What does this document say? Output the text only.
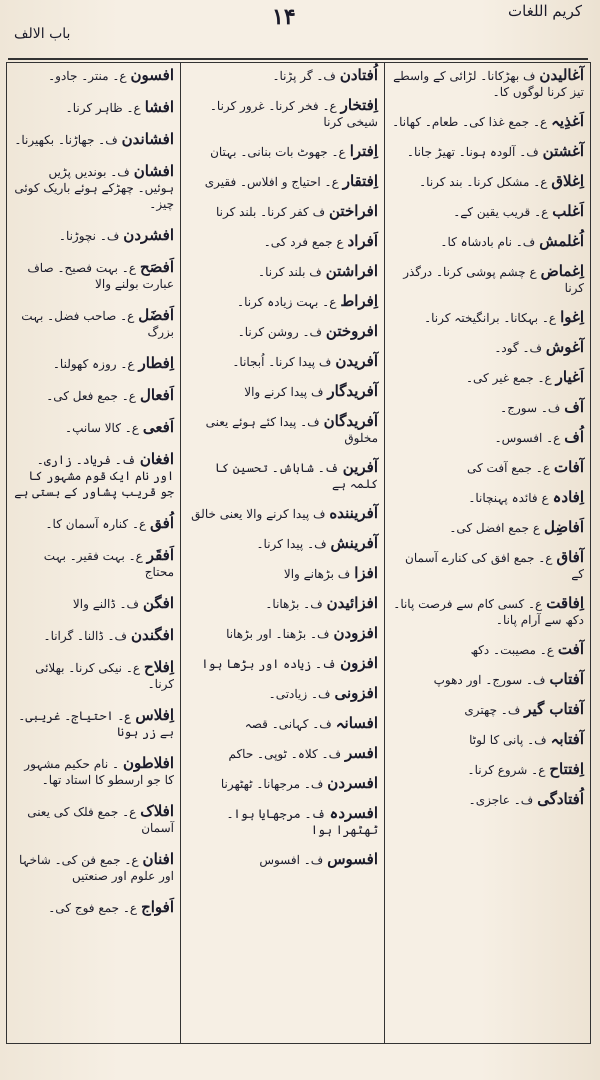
کریم اللغات
۱۴
باب الالف
آغالیدن ف بھڑکانا۔ لڑائی کے واسطے تیز کرنا لوگوں کا۔
اَغذِیہ ع۔ جمع غذا کی۔ طعام۔ کھانا۔
آغشتن ف۔ آلودہ ہونا۔ تھیڑ جانا۔
اِغلاق ع۔ مشکل کرنا۔ بند کرنا۔
اَغلب ع۔ قریب یقین کے۔
اُغلمش ف۔ نام بادشاہ کا۔
اِغماض ع چشم پوشی کرنا۔ درگذر کرنا
اِغوا ع۔ بہکانا۔ برانگیختہ کرنا۔
آغوش ف۔ گود۔
اَغیار ع۔ جمع غیر کی۔
آف ف۔ سورج۔
اُف ع۔ افسوس۔
آفات ع۔ جمع آفت کی
اِفادہ ع فائدہ پہنچانا۔
اَفاضِل ع جمع افضل کی۔
آفاق ع۔ جمع افق کی کنارے آسمان کے
اِفاقت ع۔ کسی کام سے فرصت پانا۔ دکھ سے آرام پانا۔
آفت ع۔ مصیبت۔ دکھ
آفتاب ف۔ سورج۔ اور دھوپ
آفتاب گیر ف۔ چھتری
آفتابہ ف۔ پانی کا لوٹا
اِفتتاح ع۔ شروع کرنا۔
اُفتادگی ف۔ عاجزی۔
اُفتادن ف۔ گر پڑنا۔
اِفتخار ع۔ فخر کرنا۔ غرور کرنا۔ شیخی کرنا
اِفترا ع۔ جھوٹ بات بنانی۔ بہتان
اِفتقار ع۔ احتیاج و افلاس۔ فقیری
افراختن ف کفر کرنا۔ بلند کرنا
اَفراد ع جمع فرد کی۔
افراشتن ف بلند کرنا۔
اِفراط ع۔ بہت زیادہ کرنا۔
افروختن ف۔ روشن کرنا۔
آفریدن ف پیدا کرنا۔ اُبجانا۔
آفریدگار ف پیدا کرنے والا
آفریدگان ف۔ پیدا کئے ہوئے یعنی مخلوق
آفرین ف۔ شاباش۔ تحسین کا کلمہ ہے
آفریننده ف پیدا کرنے والا یعنی خالق
آفرینش ف۔ پیدا کرنا۔
افزا ف بڑھانے والا
افزائیدن ف۔ بڑھانا۔
افزودن ف۔ بڑھنا۔ اور بڑھانا
افزون ف۔ زیادہ اور بڑھا ہوا
افزونی ف۔ زیادتی۔
افسانہ ف۔ کہانی۔ قصہ
افسر ف۔ کلاہ۔ ٹوپی۔ حاکم
افسردن ف۔ مرجھانا۔ ٹھٹھرنا
افسردہ ف۔ مرجھایا ہوا۔ ٹھٹھرا ہوا
افسوس ف۔ افسوس
افسون ع۔ منتر۔ جادو۔
افشا ع۔ ظاہر کرنا۔
افشاندن ف۔ جھاڑنا۔ بکھیرنا۔
افشان ف۔ بوندیں پڑیں ہوئیں۔ چھڑکے ہوئے باریک کوئی چیز۔
افشردن ف۔ نچوڑنا۔
اَفصَح ع۔ بہت فصیح۔ صاف عبارت بولنے والا
اَفضَل ع۔ صاحب فضل۔ بہت بزرگ
اِفطار ع۔ روزہ کھولنا۔
اَفعال ع۔ جمع فعل کی۔
اَفعی ع۔ کالا سانپ۔
افغان ف۔ فریاد۔ زاری۔ اور نام ایک قوم مشہور کا جو قریب پشاور کے بستی ہے
اُفق ع۔ کنارہ آسمان کا۔
اَفقَر ع۔ بہت فقیر۔ بہت محتاج
افگن ف۔ ڈالنے والا
افگندن ف۔ ڈالنا۔ گرانا۔
اِفلاح ع۔ نیکی کرنا۔ بھلائی کرنا۔
اِفلاس ع۔ احتیاج۔ غریبی۔ بے زر ہونا
افلاطون ۔ نام حکیم مشہور کا جو ارسطو کا استاد تھا۔
افلاک ع۔ جمع فلک کی یعنی آسمان
افنان ع۔ جمع فن کی۔ شاخہا اور علوم اور صنعتیں
اَفواج ع۔ جمع فوج کی۔
